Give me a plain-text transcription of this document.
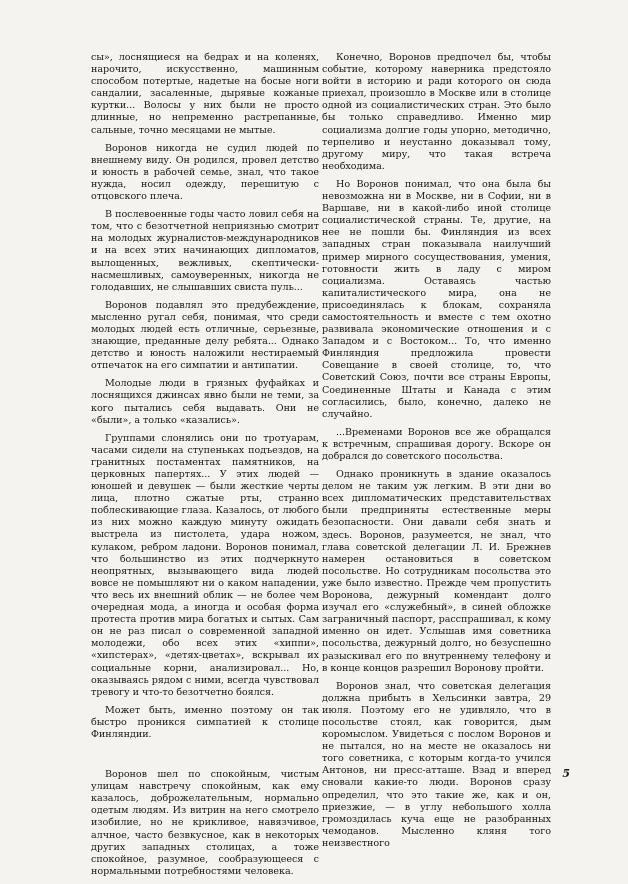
сы», лоснящиеся на бедрах и на коленях, нарочито, искусственно, машинным способом потертые, надетые на босые ноги сандалии, засаленные, дырявые кожаные куртки... Волосы у них были не просто длинные, но непременно растрепанные, сальные, точно месяцами не мытые.

Воронов никогда не судил людей по внешнему виду. Он родился, провел детство и юность в рабочей семье, знал, что такое нужда, носил одежду, перешитую с отцовского плеча.

В послевоенные годы часто ловил себя на том, что с безотчетной неприязнью смотрит на молодых журналистов-международников и на всех этих начинающих дипломатов, вылощенных, вежливых, скептически-насмешливых, самоуверенных, никогда не голодавших, не слышавших свиста пуль...

Воронов подавлял это предубеждение, мысленно ругал себя, понимая, что среди молодых людей есть отличные, серьезные, знающие, преданные делу ребята... Однако детство и юность наложили нестираемый отпечаток на его симпатии и антипатии.

Молодые люди в грязных фуфайках и лоснящихся джинсах явно были не теми, за кого пытались себя выдавать. Они не «были», а только «казались».

Группами слонялись они по тротуарам, часами сидели на ступеньках подъездов, на гранитных постаментах памятников, на церковных папертях... У этих людей — юношей и девушек — были жесткие черты лица, плотно сжатые рты, странно поблескивающие глаза. Казалось, от любого из них можно каждую минуту ожидать выстрела из пистолета, удара ножом, кулаком, ребром ладони. Воронов понимал, что большинство из этих подчеркнуто неопрятных, вызывающего вида людей вовсе не помышляют ни о каком нападении, что весь их внешний облик — не более чем очередная мода, а иногда и особая форма протеста против мира богатых и сытых. Сам он не раз писал о современной западной молодежи, обо всех этих «хиппи», «хипстерах», «детях-цветах», вскрывал их социальные корни, анализировал... Но, оказываясь рядом с ними, всегда чувствовал тревогу и что-то безотчетно боялся.

Может быть, именно поэтому он так быстро проникся симпатией к столице Финляндии.

Воронов шел по спокойным, чистым улицам навстречу спокойным, как ему казалось, доброжелательным, нормально одетым людям. Из витрин на него смотрело изобилие, но не крикливое, навязчивое, алчное, часто безвкусное, как в некоторых других западных столицах, а тоже спокойное, разумное, сообразующееся с нормальными потребностями человека.

Конечно, Воронов предпочел бы, чтобы событие, которому наверника предстояло войти в историю и ради которого он сюда приехал, произошло в Москве или в столице одной из социалистических стран. Это было бы только справедливо. Именно мир социализма долгие годы упорно, методично, терпеливо и неустанно доказывал тому, другому миру, что такая встреча необходима.

Но Воронов понимал, что она была бы невозможна ни в Москве, ни в Софии, ни в Варшаве, ни в какой-либо иной столице социалистической страны. Те, другие, на нее не пошли бы. Финляндия из всех западных стран показывала наилучший пример мирного сосуществования, умения, готовности жить в ладу с миром социализма. Оставаясь частью капиталистического мира, она не присоединялась к блокам, сохраняла самостоятельность и вместе с тем охотно развивала экономические отношения и с Западом и с Востоком... То, что именно Финляндия предложила провести Совещание в своей столице, то, что Советский Союз, почти все страны Европы, Соединенные Штаты и Канада с этим согласились, было, конечно, далеко не случайно.

...Временами Воронов все же обращался к встречным, спрашивая дорогу. Вскоре он добрался до советского посольства.

Однако проникнуть в здание оказалось делом не таким уж легким. В эти дни во всех дипломатических представительствах были предприняты естественные меры безопасности. Они давали себя знать и здесь. Воронов, разумеется, не знал, что глава советской делегации Л. И. Брежнев намерен остановиться в советском посольстве. Но сотрудникам посольства это уже было известно. Прежде чем пропустить Воронова, дежурный комендант долго изучал его «служебный», в синей обложке заграничный паспорт, расспрашивал, к кому именно он идет. Услышав имя советника посольства, дежурный долго, но безуспешно разыскивал его по внутреннему телефону и в конце концов разрешил Воронову пройти.

Воронов знал, что советская делегация должна прибыть в Хельсинки завтра, 29 июля. Поэтому его не удивляло, что в посольстве стоял, как говорится, дым коромыслом. Увидеться с послом Воронов и не пытался, но на месте не оказалось ни того советника, с которым когда-то учился Антонов, ни пресс-атташе. Взад и вперед сновали какие-то люди. Воронов сразу определил, что это такие же, как и он, приезжие, — в углу небольшого холла громоздилась куча еще не разобранных чемоданов. Мысленно кляня того неизвестного

5
